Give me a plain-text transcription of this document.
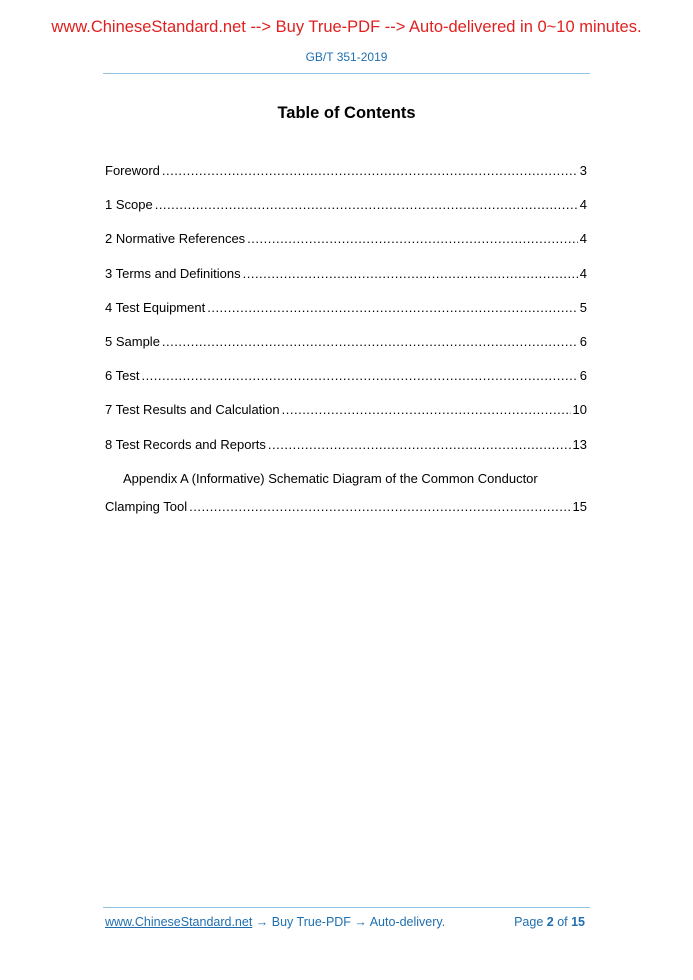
www.ChineseStandard.net --> Buy True-PDF --> Auto-delivered in 0~10 minutes.
GB/T 351-2019
Table of Contents
Foreword .....	3
1 Scope .....	4
2 Normative References .....	4
3 Terms and Definitions .....	4
4 Test Equipment .....	5
5 Sample .....	6
6 Test .....	6
7 Test Results and Calculation .....	10
8 Test Records and Reports .....	13
Appendix A (Informative) Schematic Diagram of the Common Conductor
Clamping Tool .....	15
www.ChineseStandard.net → Buy True-PDF → Auto-delivery.	Page 2 of 15
